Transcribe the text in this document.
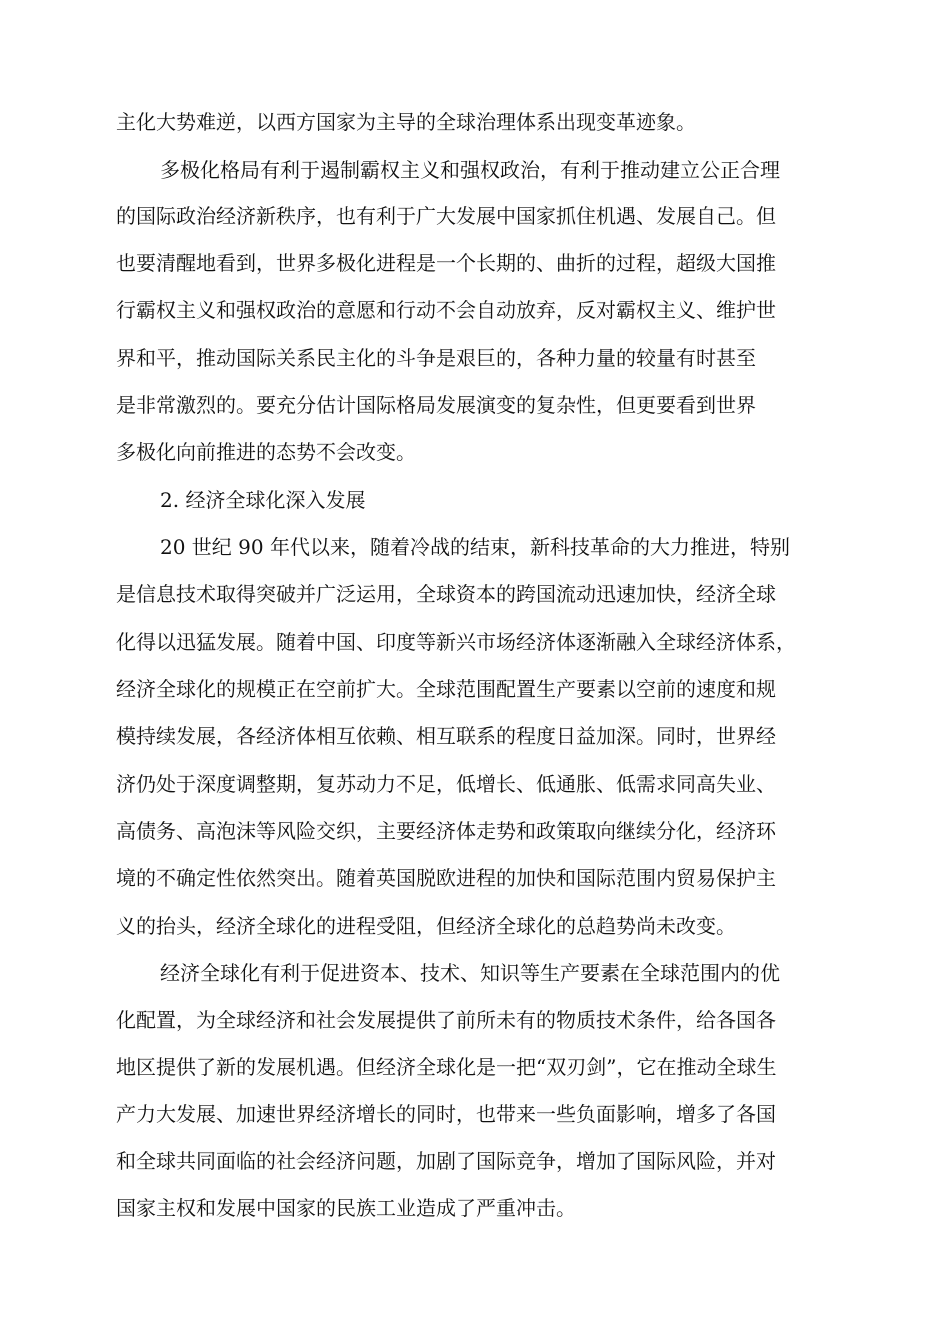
主化大势难逆，以西方国家为主导的全球治理体系出现变革迹象。
多极化格局有利于遏制霸权主义和强权政治，有利于推动建立公正合理
的国际政治经济新秩序，也有利于广大发展中国家抓住机遇、发展自己。但
也要清醒地看到，世界多极化进程是一个长期的、曲折的过程，超级大国推
行霸权主义和强权政治的意愿和行动不会自动放弃，反对霸权主义、维护世
界和平，推动国际关系民主化的斗争是艰巨的，各种力量的较量有时甚至
是非常激烈的。要充分估计国际格局发展演变的复杂性，但更要看到世界
多极化向前推进的态势不会改变。
2. 经济全球化深入发展
20 世纪 90 年代以来，随着冷战的结束，新科技革命的大力推进，特别
是信息技术取得突破并广泛运用，全球资本的跨国流动迅速加快，经济全球
化得以迅猛发展。随着中国、印度等新兴市场经济体逐渐融入全球经济体系，
经济全球化的规模正在空前扩大。全球范围配置生产要素以空前的速度和规
模持续发展，各经济体相互依赖、相互联系的程度日益加深。同时，世界经
济仍处于深度调整期，复苏动力不足，低增长、低通胀、低需求同高失业、
高债务、高泡沫等风险交织，主要经济体走势和政策取向继续分化，经济环
境的不确定性依然突出。随着英国脱欧进程的加快和国际范围内贸易保护主
义的抬头，经济全球化的进程受阻，但经济全球化的总趋势尚未改变。
经济全球化有利于促进资本、技术、知识等生产要素在全球范围内的优
化配置，为全球经济和社会发展提供了前所未有的物质技术条件，给各国各
地区提供了新的发展机遇。但经济全球化是一把“双刃剑”，它在推动全球生
产力大发展、加速世界经济增长的同时，也带来一些负面影响，增多了各国
和全球共同面临的社会经济问题，加剧了国际竞争，增加了国际风险，并对
国家主权和发展中国家的民族工业造成了严重冲击。
